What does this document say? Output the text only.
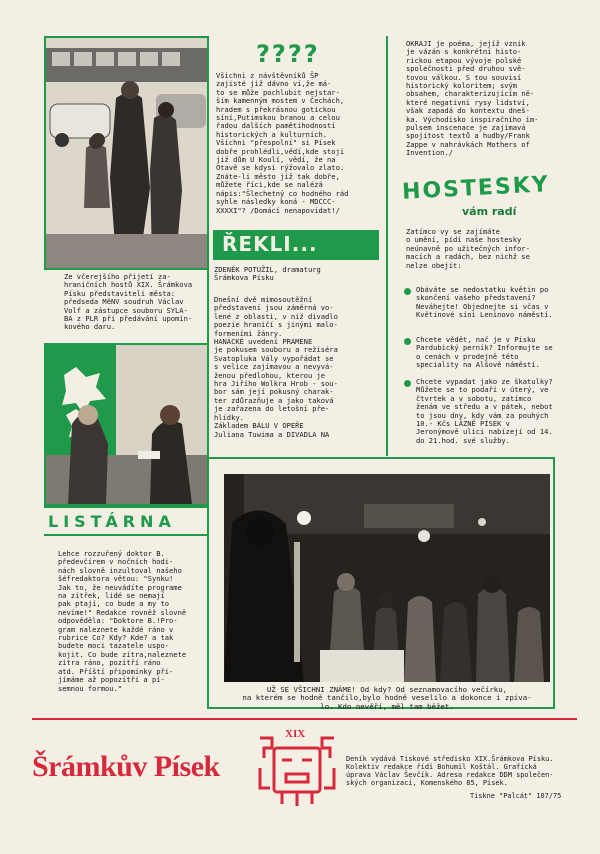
Ze včerejšího přijetí za-
hraničních hostů XIX. Šrámkova
Písku představiteli města:
předseda MěNV soudruh Václav
Volf a zástupce souboru SYLA-
BA z PLR při předávání upomín-
kového daru.

LISTÁRNA

Lehce rozzuřený doktor B.
předevčírem v nočních hodi-
nách slovně inzultoval našeho
šéfredaktora větou: "Synku!
Jak to, že neuvádíte programe
na zítřek, lidé se nemají
pak ptají, co bude a my to
nevíme!" Redakce rovněž slovně
odpověděla: "Doktore B.!Pro-
gram naleznete každé ráno v
rubrice Co? Kdy? Kde? a tak
budete moci tazatele uspo-
kojit. Co bude zítra,naleznete
zítra ráno, pozítří ráno
atd. Příští připomínky při-
jímáme až popozítří a pí-
semnou formou."

????

Všichni z návštěvníků ŠP
zajisté již dávno ví,že má-
to se může pochlubit nejstar-
ším kamenným mostem v Čechách,
hradem s překrásnou gotickou
síní,Putimskou branou a celou
řadou dalších pamětihodností
historických a kulturních.
Všichni "přespolní" si Písek
dobře prohlédli,vědí,kde stojí
již dům U Koulí, vědí, že na
Otavě se kdysi rýžovalo zlato.
Znáte-li město již tak dobře,
můžete říci,kde se nalézá nápis:"Šlechetný co hodného rád
syhle následky koná - MDCCC-
XXXXI"? /Domácí nenapovídat!/

ŘEKLI...

ZDENĚK POTUŽIL, dramaturg
Šrámkova Písku

Dnešní dvě mimosoutěžní
představení jsou záměrná vo-
lené z oblasti, v níž divadlo
poezie hraničí s jinými malo-
formeními žánry.
HANÁCKÉ uvedení PRAMENE
je pokusem souboru a režiséra
Svatopluka Vály vypořádat se
s velice zajímavou a nevyvá-
ženou předlohou, kterou je
hra Jiřího Wolkra Hrob - sou-
bor sám její pokusný charak-
ter zdůrazňuje a jako taková
je zařazena do letošní pře-
hlídky.
Základem BÁLU V OPEŘE
Juliana Tuwima a DIVADLA NA

OKRAJI je poéma, jejíž vznik
je vázán s konkrétní histo-
rickou etapou vývoje polské
společnosti před druhou svě-
tovou válkou. S tou souvisí
historický koloritem; svým
obsahem, charakterizujícím ně-
které negativní rysy lidství,
však zapadá do kontextu dneš-
ka. Východisko inspiračního im-
pulsem inscenace je zajímavá
spojitost textů a hudby/Frank
Zappe v nahrávkách Mothers of
Invention./

HOSTESKY
vám radí

Zatímco vy se zajímáte
o umění, pídí naše hostesky
neúnavně po užitečných infor-
macích a radách, bez nichž se
nelze obejít:

Obáváte se nedostatku květin po skončení vašeho představení? Neváhejte! Objednejte si včas v Květinové síni Leninovo náměstí.

Chcete vědět, nač je v Písku Pardubický perník? Informujte se o cenách v prodejně této speciality na Alšově náměstí.

Chcete vypadat jako ze škatulky? Můžete se to podaří v úterý, ve čtvrtek a v sobotu, zatímco ženám ve středu a v pátek, nebot to jsou dny, kdy vám za pouhých 10.- Kčs LÁZNĚ PÍSEK v Jeronýmově ulici nabízejí od 14. do 21.hod. své služby.

UŽ SE VŠICHNI ZNÁME! Od kdy? Od seznamovacího večírku,
na kterém se hodně tančilo,bylo hodně veselilo a dokonce i zpíva-
lo. Kdo nevěří, měl tam běžet.

Šrámkův Písek
XIX

Deník vydává Tiskové středisko XIX.Šrámkova Písku.
Kolektiv redakce řídí Bohumil Koštál. Grafická
úprava Václav Ševčík. Adresa redakce DDM společen-
ských organizací, Komenského 85, Písek.

Tiskne "Palcát" 107/75
